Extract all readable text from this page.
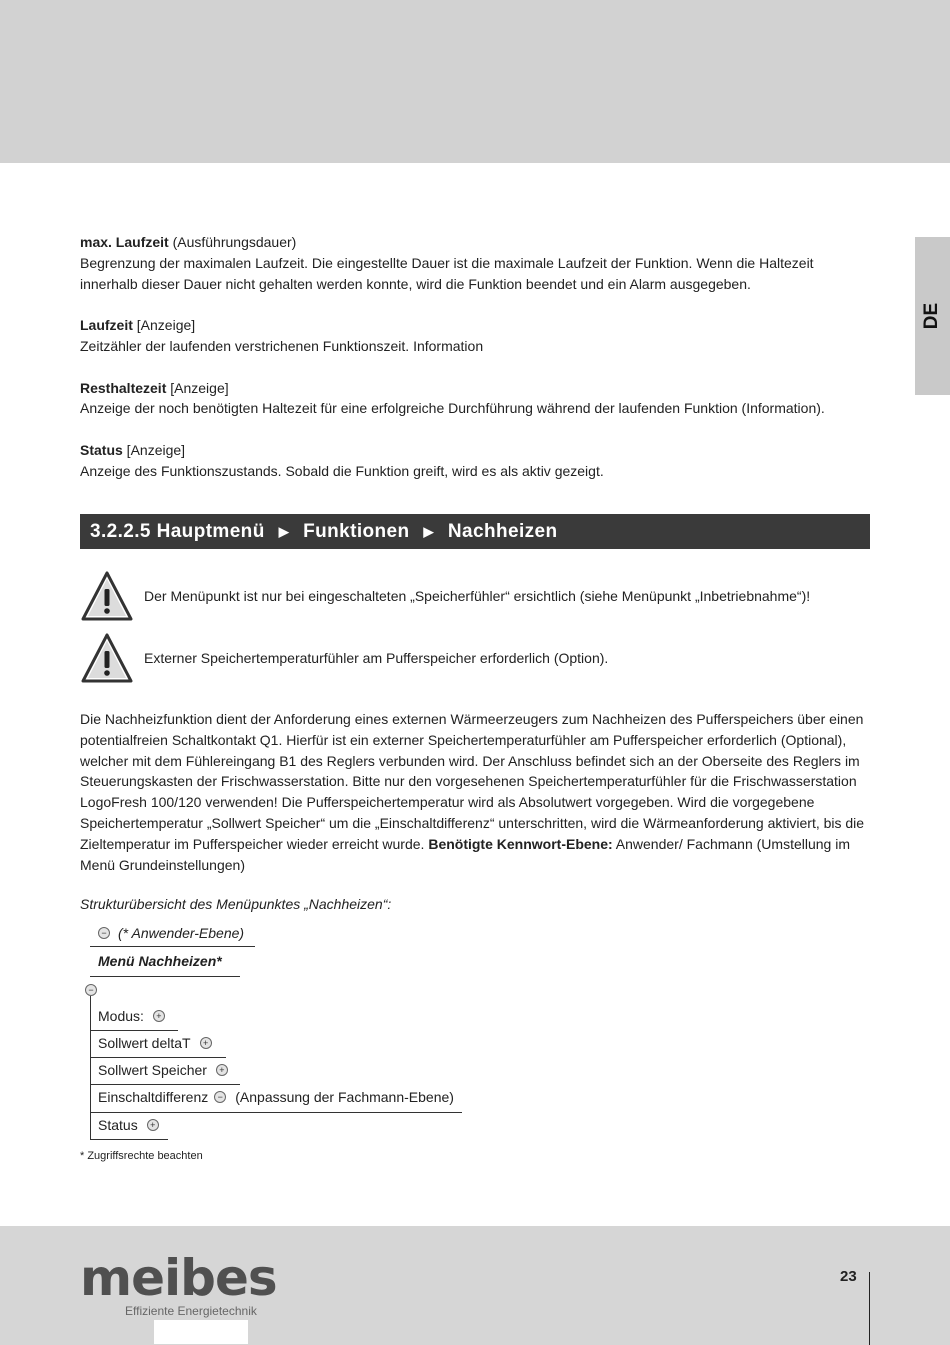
DE

max. Laufzeit (Ausführungsdauer)

Begrenzung der maximalen Laufzeit. Die eingestellte Dauer ist die maximale Laufzeit der Funktion. Wenn die Haltezeit innerhalb dieser Dauer nicht gehalten werden konnte, wird die Funktion beendet und ein Alarm ausgegeben.

Laufzeit [Anzeige]

Zeitzähler der laufenden verstrichenen Funktionszeit. Information

Resthaltezeit [Anzeige]

Anzeige der noch benötigten Haltezeit für eine erfolgreiche Durchführung während der laufenden Funktion (Information).

Status [Anzeige]

Anzeige des Funktionszustands. Sobald die Funktion greift, wird es als aktiv gezeigt.

3.2.2.5
Hauptmenü ▶ Funktionen ▶ Nachheizen
Der Menüpunkt ist nur bei eingeschalteten „Speicherfühler“ ersichtlich (siehe Menüpunkt „Inbetriebnahme“)!
Externer Speichertemperaturfühler am Pufferspeicher erforderlich (Option).

Die Nachheizfunktion dient der Anforderung eines externen Wärmeerzeugers zum Nachheizen des Pufferspeichers über einen potentialfreien Schaltkontakt Q1. Hierfür ist ein externer Speichertemperaturfühler am Pufferspeicher erforderlich (Optional), welcher mit dem Fühlereingang B1 des Reglers verbunden wird. Der Anschluss befindet sich an der Oberseite des Reglers im Steuerungskasten der Frischwasserstation. Bitte nur den vorgesehenen Speichertemperaturfühler für die Frischwasserstation LogoFresh 100/120 verwenden! Die Pufferspeichertemperatur wird als Absolutwert vorgegeben. Wird die vorgegebene Speichertemperatur „Sollwert Speicher“ um die „Einschaltdifferenz“ unterschritten, wird die Wärmeanforderung aktiviert, bis die Zieltemperatur im Pufferspeicher wieder erreicht wurde. Benötigte Kennwort-Ebene: Anwender/ Fachmann (Umstellung im Menü Grundeinstellungen)

Strukturübersicht des Menüpunktes „Nachheizen“:

− (* Anwender-Ebene)
Menü Nachheizen*
−
Modus:	+
Sollwert deltaT	+
Sollwert Speicher	+
Einschaltdifferenz	− (Anpassung der Fachmann-Ebene)
Status	+

* Zugriffsrechte beachten

meibes
Effiziente Energietechnik
23
